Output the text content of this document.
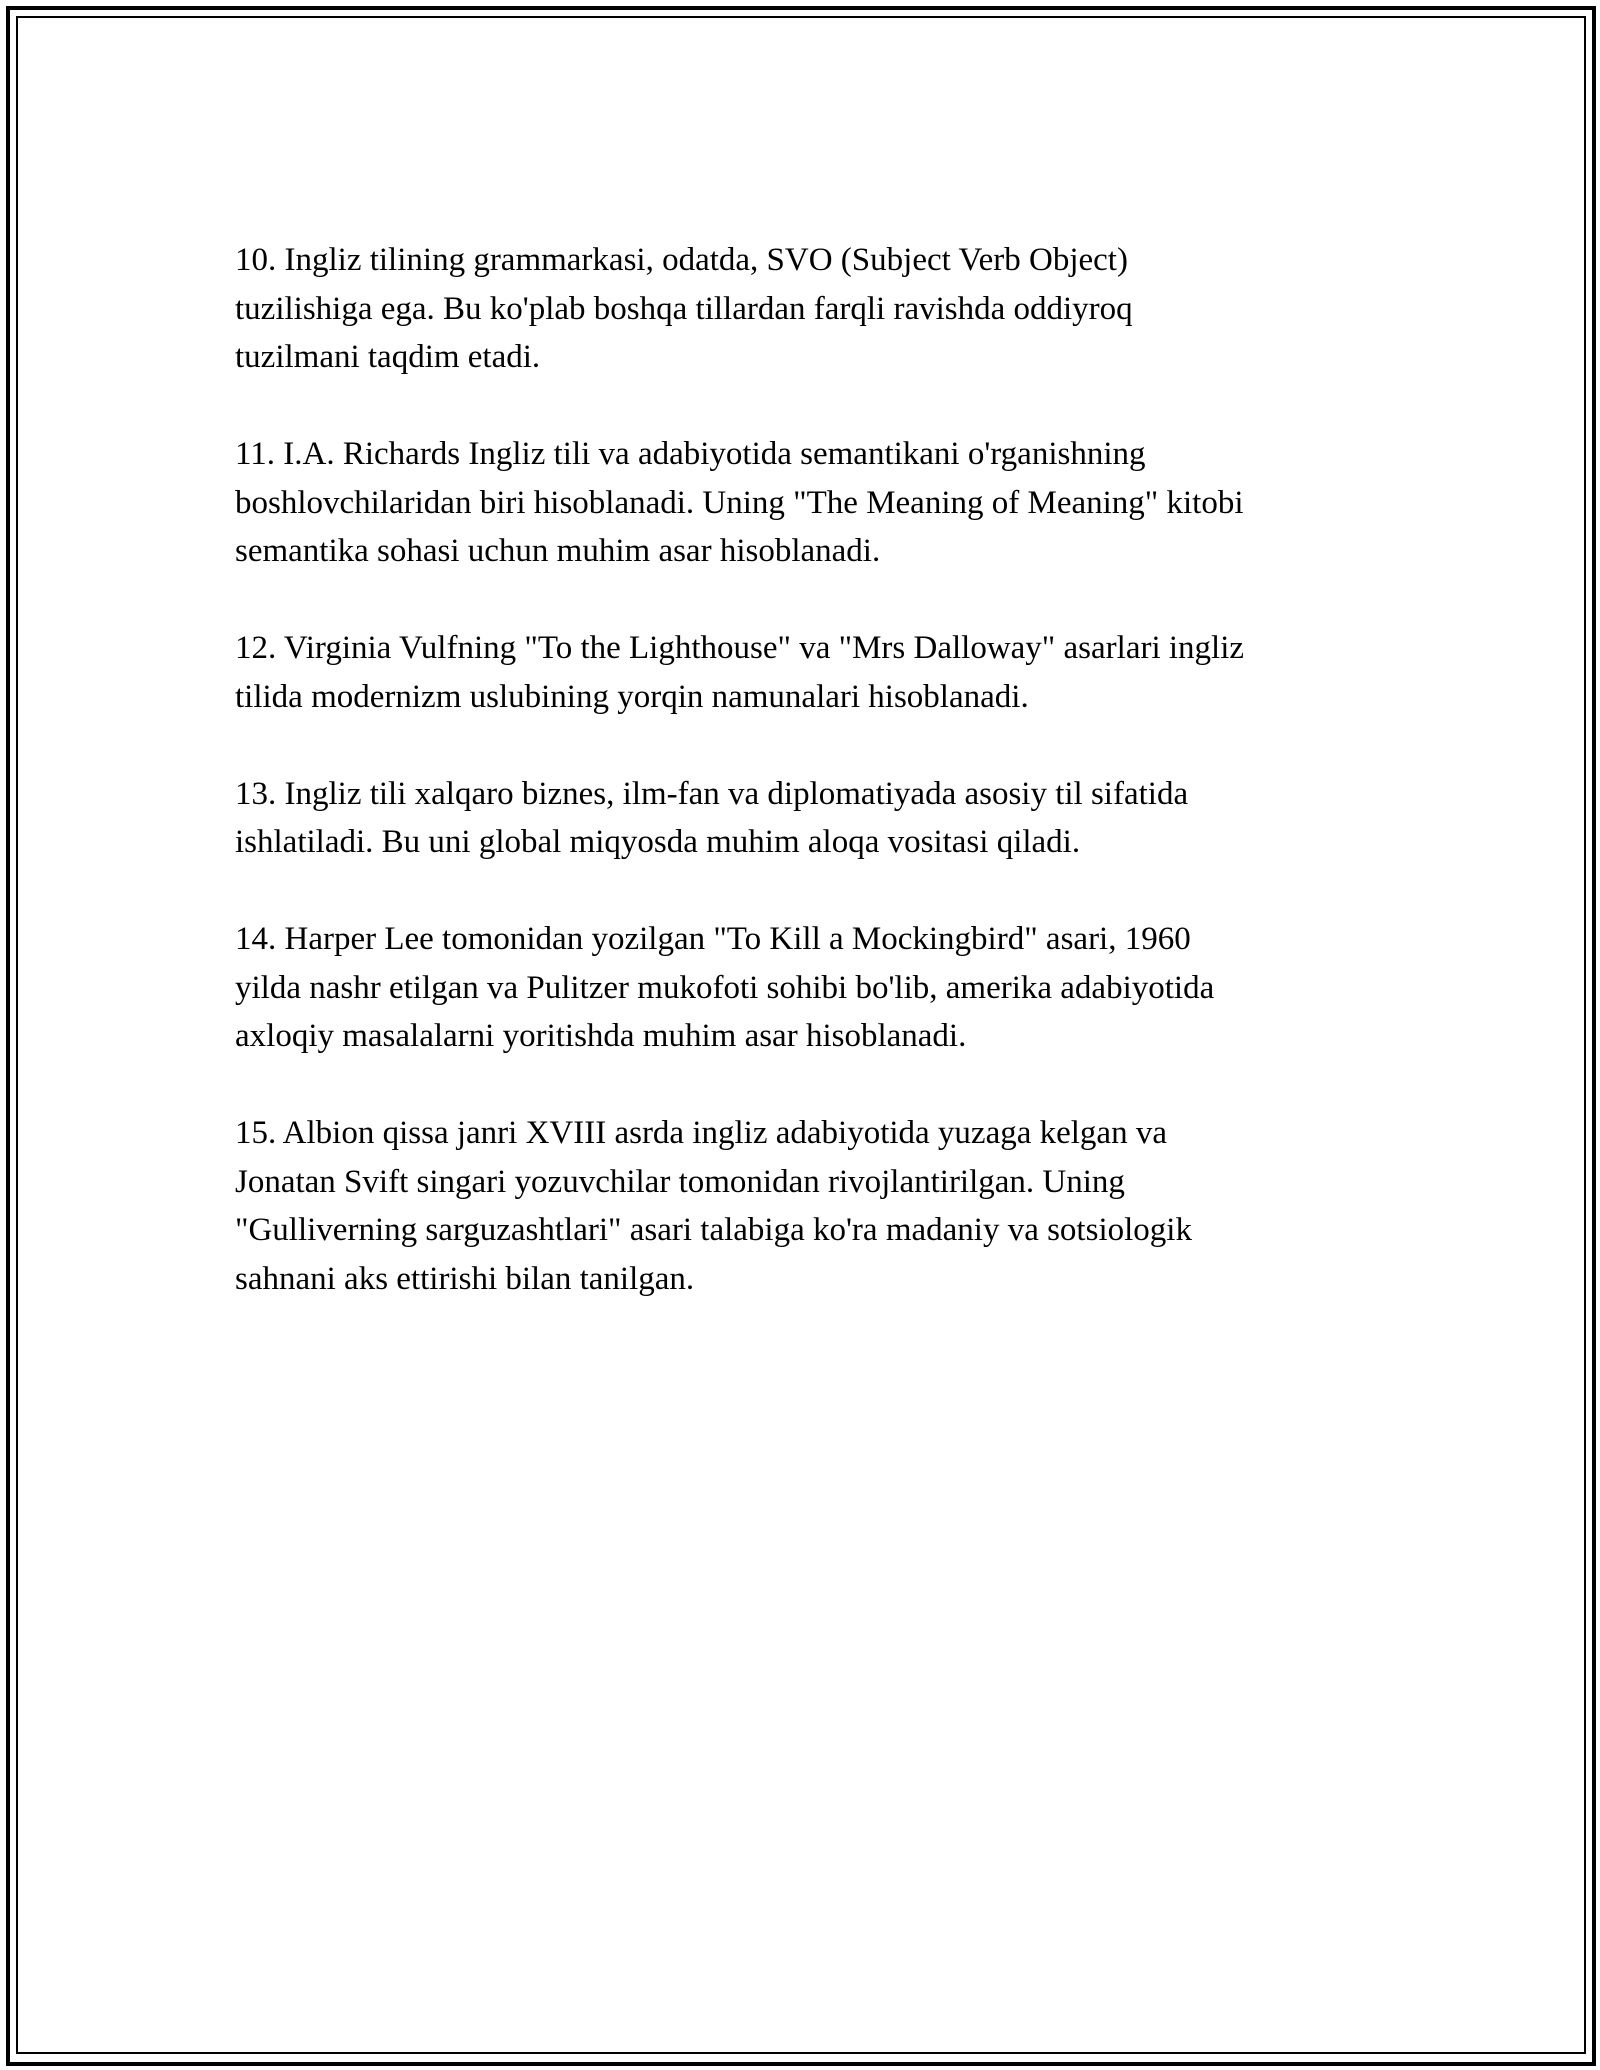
10. Ingliz tilining grammarkasi, odatda, SVO (Subject Verb Object)
tuzilishiga ega. Bu ko'plab boshqa tillardan farqli ravishda oddiyroq
tuzilmani taqdim etadi.

11. I.A. Richards Ingliz tili va adabiyotida semantikani o'rganishning
boshlovchilaridan biri hisoblanadi. Uning "The Meaning of Meaning" kitobi
semantika sohasi uchun muhim asar hisoblanadi.

12. Virginia Vulfning "To the Lighthouse" va "Mrs Dalloway" asarlari ingliz
tilida modernizm uslubining yorqin namunalari hisoblanadi.

13. Ingliz tili xalqaro biznes, ilm-fan va diplomatiyada asosiy til sifatida
ishlatiladi. Bu uni global miqyosda muhim aloqa vositasi qiladi.

14. Harper Lee tomonidan yozilgan "To Kill a Mockingbird" asari, 1960
yilda nashr etilgan va Pulitzer mukofoti sohibi bo'lib, amerika adabiyotida
axloqiy masalalarni yoritishda muhim asar hisoblanadi.

15. Albion qissa janri XVIII asrda ingliz adabiyotida yuzaga kelgan va
Jonatan Svift singari yozuvchilar tomonidan rivojlantirilgan. Uning
"Gulliverning sarguzashtlari" asari talabiga ko'ra madaniy va sotsiologik
sahnani aks ettirishi bilan tanilgan.
